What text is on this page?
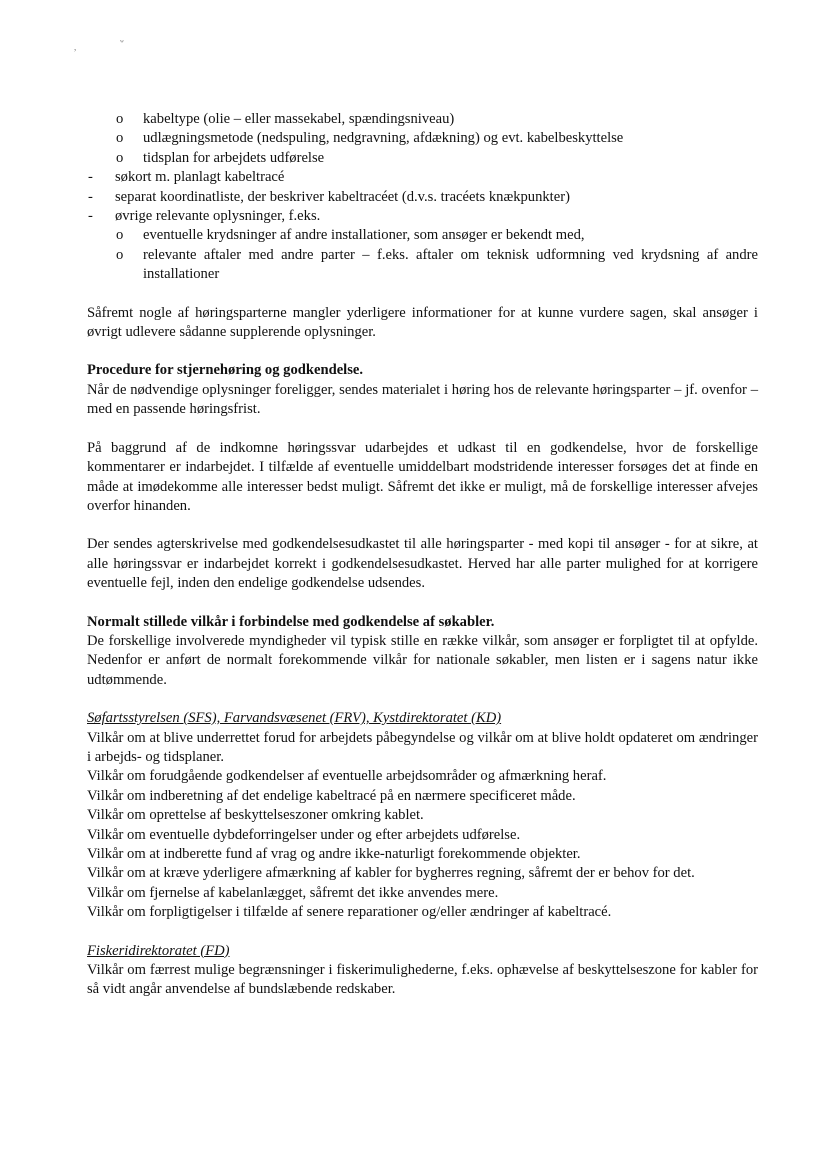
,	ʷ
o kabeltype (olie – eller massekabel, spændingsniveau)
o udlægningsmetode (nedspuling, nedgravning, afdækning) og evt. kabelbeskyttelse
o tidsplan for arbejdets udførelse
- søkort m. planlagt kabeltracé
- separat koordinatliste, der beskriver kabeltracéet (d.v.s. tracéets knækpunkter)
- øvrige relevante oplysninger, f.eks.
o eventuelle krydsninger af andre installationer, som ansøger er bekendt med,
o relevante aftaler med andre parter – f.eks. aftaler om teknisk udformning ved krydsning af andre installationer

Såfremt nogle af høringsparterne mangler yderligere informationer for at kunne vurdere sagen, skal ansøger i øvrigt udlevere sådanne supplerende oplysninger.

Procedure for stjernehøring og godkendelse.

Når de nødvendige oplysninger foreligger, sendes materialet i høring hos de relevante høringsparter – jf. ovenfor – med en passende høringsfrist.

På baggrund af de indkomne høringssvar udarbejdes et udkast til en godkendelse, hvor de forskellige kommentarer er indarbejdet. I tilfælde af eventuelle umiddelbart modstridende interesser forsøges det at finde en måde at imødekomme alle interesser bedst muligt. Såfremt det ikke er muligt, må de forskellige interesser afvejes overfor hinanden.

Der sendes agterskrivelse med godkendelsesudkastet til alle høringsparter - med kopi til ansøger - for at sikre, at alle høringssvar er indarbejdet korrekt i godkendelsesudkastet. Herved har alle parter mulighed for at korrigere eventuelle fejl, inden den endelige godkendelse udsendes.

Normalt stillede vilkår i forbindelse med godkendelse af søkabler.

De forskellige involverede myndigheder vil typisk stille en række vilkår, som ansøger er forpligtet til at opfylde. Nedenfor er anført de normalt forekommende vilkår for nationale søkabler, men listen er i sagens natur ikke udtømmende.

Søfartsstyrelsen (SFS), Farvandsvæsenet (FRV), Kystdirektoratet (KD)

Vilkår om at blive underrettet forud for arbejdets påbegyndelse og vilkår om at blive holdt opdateret om ændringer i arbejds- og tidsplaner.

Vilkår om forudgående godkendelser af eventuelle arbejdsområder og afmærkning heraf.

Vilkår om indberetning af det endelige kabeltracé på en nærmere specificeret måde.

Vilkår om oprettelse af beskyttelseszoner omkring kablet.

Vilkår om eventuelle dybdeforringelser under og efter arbejdets udførelse.

Vilkår om at indberette fund af vrag og andre ikke-naturligt forekommende objekter.

Vilkår om at kræve yderligere afmærkning af kabler for bygherres regning, såfremt der er behov for det.

Vilkår om fjernelse af kabelanlægget, såfremt det ikke anvendes mere.

Vilkår om forpligtigelser i tilfælde af senere reparationer og/eller ændringer af kabeltracé.

Fiskeridirektoratet (FD)

Vilkår om færrest mulige begrænsninger i fiskerimulighederne, f.eks. ophævelse af beskyttelseszone for kabler for så vidt angår anvendelse af bundslæbende redskaber.
